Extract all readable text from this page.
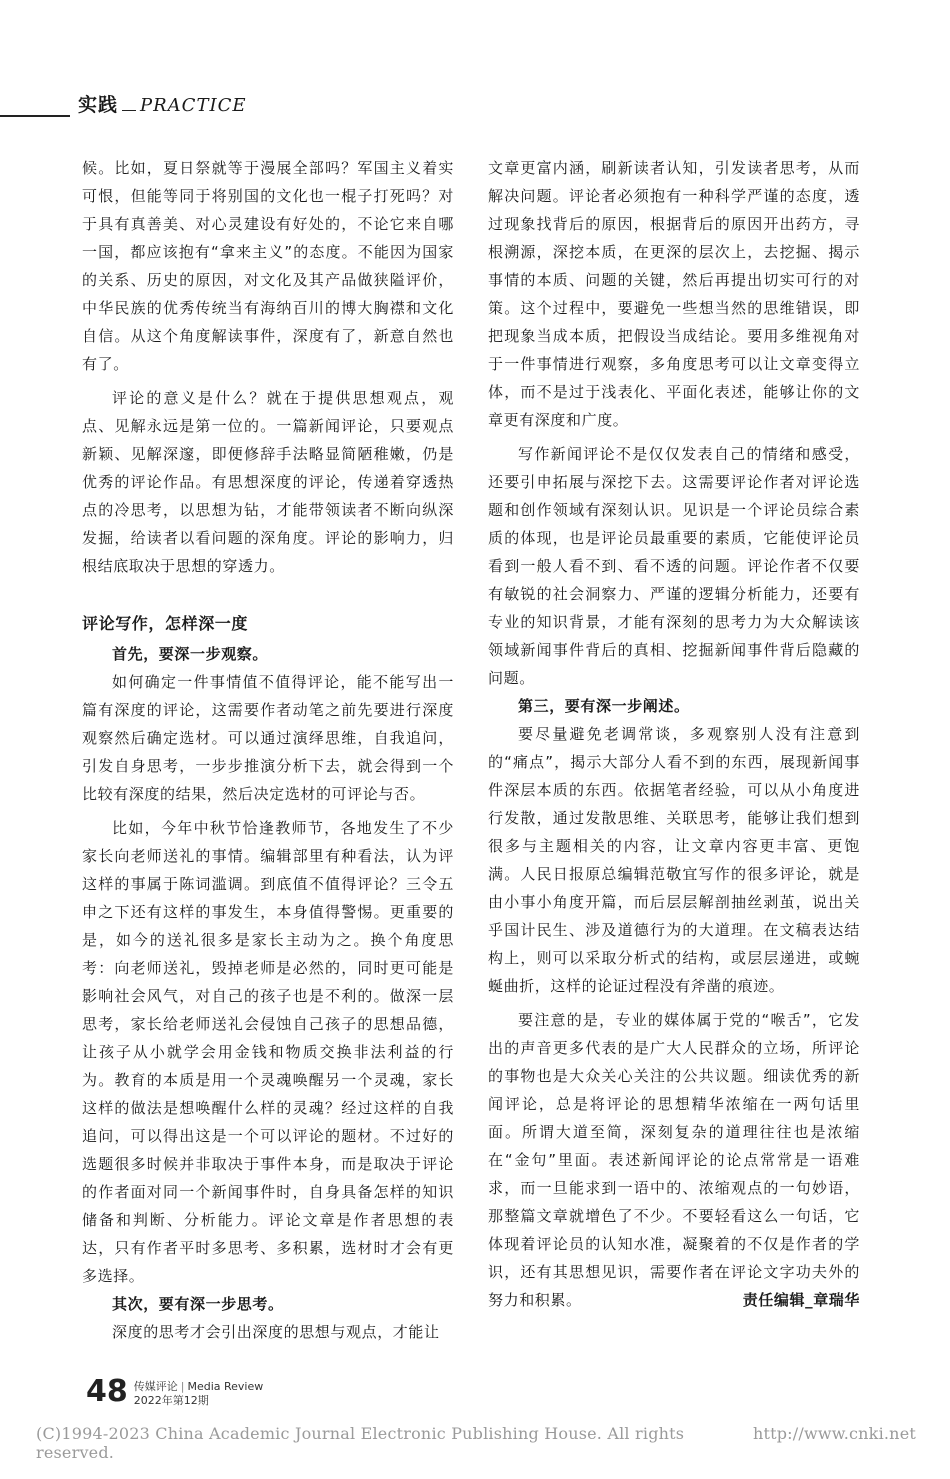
实践 PRACTICE

候。比如，夏日祭就等于漫展全部吗？军国主义着实可恨，但能等同于将别国的文化也一棍子打死吗？对于具有真善美、对心灵建设有好处的，不论它来自哪一国，都应该抱有“拿来主义”的态度。不能因为国家的关系、历史的原因，对文化及其产品做狭隘评价，中华民族的优秀传统当有海纳百川的博大胸襟和文化自信。从这个角度解读事件，深度有了，新意自然也有了。

评论的意义是什么？就在于提供思想观点，观点、见解永远是第一位的。一篇新闻评论，只要观点新颖、见解深邃，即便修辞手法略显简陋稚嫩，仍是优秀的评论作品。有思想深度的评论，传递着穿透热点的冷思考，以思想为钻，才能带领读者不断向纵深发掘，给读者以看问题的深角度。评论的影响力，归根结底取决于思想的穿透力。

评论写作，怎样深一度

首先，要深一步观察。

如何确定一件事情值不值得评论，能不能写出一篇有深度的评论，这需要作者动笔之前先要进行深度观察然后确定选材。可以通过演绎思维，自我追问，引发自身思考，一步步推演分析下去，就会得到一个比较有深度的结果，然后决定选材的可评论与否。

比如，今年中秋节恰逢教师节，各地发生了不少家长向老师送礼的事情。编辑部里有种看法，认为评这样的事属于陈词滥调。到底值不值得评论？三令五申之下还有这样的事发生，本身值得警惕。更重要的是，如今的送礼很多是家长主动为之。换个角度思考：向老师送礼，毁掉老师是必然的，同时更可能是影响社会风气，对自己的孩子也是不利的。做深一层思考，家长给老师送礼会侵蚀自己孩子的思想品德，让孩子从小就学会用金钱和物质交换非法利益的行为。教育的本质是用一个灵魂唤醒另一个灵魂，家长这样的做法是想唤醒什么样的灵魂？经过这样的自我追问，可以得出这是一个可以评论的题材。不过好的选题很多时候并非取决于事件本身，而是取决于评论的作者面对同一个新闻事件时，自身具备怎样的知识储备和判断、分析能力。评论文章是作者思想的表达，只有作者平时多思考、多积累，选材时才会有更多选择。

其次，要有深一步思考。

深度的思考才会引出深度的思想与观点，才能让

文章更富内涵，刷新读者认知，引发读者思考，从而解决问题。评论者必须抱有一种科学严谨的态度，透过现象找背后的原因，根据背后的原因开出药方，寻根溯源，深挖本质，在更深的层次上，去挖掘、揭示事情的本质、问题的关键，然后再提出切实可行的对策。这个过程中，要避免一些想当然的思维错误，即把现象当成本质，把假设当成结论。要用多维视角对于一件事情进行观察，多角度思考可以让文章变得立体，而不是过于浅表化、平面化表述，能够让你的文章更有深度和广度。

写作新闻评论不是仅仅发表自己的情绪和感受，还要引申拓展与深挖下去。这需要评论作者对评论选题和创作领域有深刻认识。见识是一个评论员综合素质的体现，也是评论员最重要的素质，它能使评论员看到一般人看不到、看不透的问题。评论作者不仅要有敏锐的社会洞察力、严谨的逻辑分析能力，还要有专业的知识背景，才能有深刻的思考力为大众解读该领域新闻事件背后的真相、挖掘新闻事件背后隐藏的问题。

第三，要有深一步阐述。

要尽量避免老调常谈，多观察别人没有注意到的“痛点”，揭示大部分人看不到的东西，展现新闻事件深层本质的东西。依据笔者经验，可以从小角度进行发散，通过发散思维、关联思考，能够让我们想到很多与主题相关的内容，让文章内容更丰富、更饱满。人民日报原总编辑范敬宜写作的很多评论，就是由小事小角度开篇，而后层层解剖抽丝剥茧，说出关乎国计民生、涉及道德行为的大道理。在文稿表达结构上，则可以采取分析式的结构，或层层递进，或蜿蜒曲折，这样的论证过程没有斧凿的痕迹。

要注意的是，专业的媒体属于党的“喉舌”，它发出的声音更多代表的是广大人民群众的立场，所评论的事物也是大众关心关注的公共议题。细读优秀的新闻评论，总是将评论的思想精华浓缩在一两句话里面。所谓大道至简，深刻复杂的道理往往也是浓缩在“金句”里面。表述新闻评论的论点常常是一语难求，而一旦能求到一语中的、浓缩观点的一句妙语，那整篇文章就增色了不少。不要轻看这么一句话，它体现着评论员的认知水准，凝聚着的不仅是作者的学识，还有其思想见识，需要作者在评论文字功夫外的努力和积累。	责任编辑_章瑞华

48 传媒评论 | Media Review
2022年第12期
(C)1994-2023 China Academic Journal Electronic Publishing House. All rights reserved.
http://www.cnki.net
